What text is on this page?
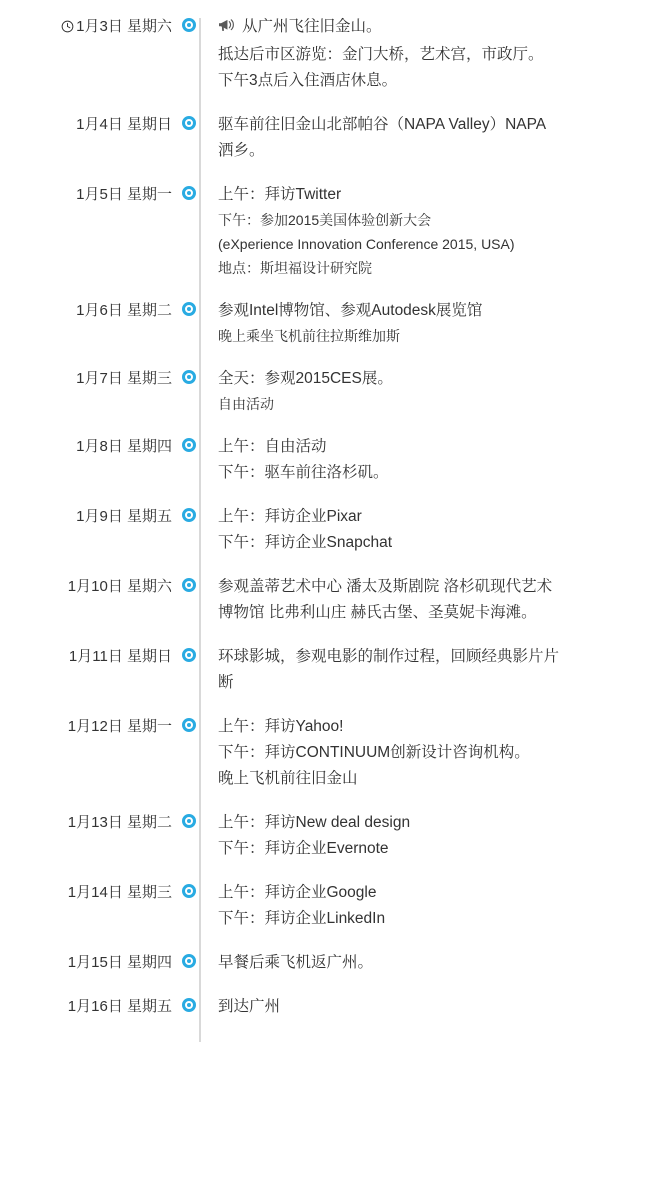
1月3日 星期六	从广州飞往旧金山。
抵达后市区游览：金门大桥，艺术宫，市政厅。
下午3点后入住酒店休息。
1月4日 星期日	驱车前往旧金山北部帕谷（NAPA Valley）NAPA
洒乡。
1月5日 星期一	上午：拜访Twitter
下午：参加2015美国体验创新大会
(eXperience Innovation Conference 2015, USA)
地点：斯坦福设计研究院
1月6日 星期二	参观Intel博物馆、参观Autodesk展览馆
晚上乘坐飞机前往拉斯维加斯
1月7日 星期三	全天：参观2015CES展。
自由活动
1月8日 星期四	上午：自由活动
下午：驱车前往洛杉矶。
1月9日 星期五	上午：拜访企业Pixar
下午：拜访企业Snapchat
1月10日 星期六	参观盖蒂艺术中心 潘太及斯剧院 洛杉矶现代艺术
博物馆 比弗利山庄 赫氏古堡、圣莫妮卡海滩。
1月11日 星期日	环球影城，参观电影的制作过程，回顾经典影片片
断
1月12日 星期一	上午：拜访Yahoo!
下午：拜访CONTINUUM创新设计咨询机构。
晚上飞机前往旧金山
1月13日 星期二	上午：拜访New deal design
下午：拜访企业Evernote
1月14日 星期三	上午：拜访企业Google
下午：拜访企业LinkedIn
1月15日 星期四	早餐后乘飞机返广州。
1月16日 星期五	到达广州
